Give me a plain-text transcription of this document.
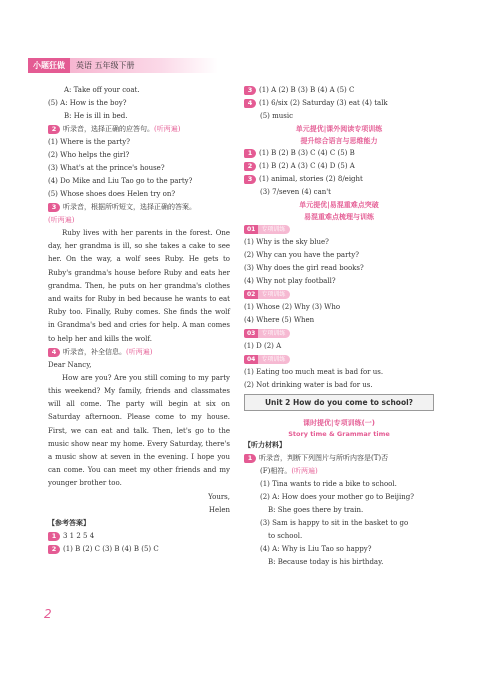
小题狂做	英语 五年级下册
A: Take off your coat.
(5) A: How is the boy?
B: He is ill in bed.
2 听录音，选择正确的应答句。(听两遍)
(1) Where is the party?
(2) Who helps the girl?
(3) What's at the prince's house?
(4) Do Mike and Liu Tao go to the party?
(5) Whose shoes does Helen try on?
3 听录音，根据所听短文，选择正确的答案。
(听两遍)
Ruby lives with her parents in the forest. One day, her grandma is ill, so she takes a cake to see her. On the way, a wolf sees Ruby. He gets to Ruby's grandma's house before Ruby and eats her grandma. Then, he puts on her grandma's clothes and waits for Ruby in bed because he wants to eat Ruby too. Finally, Ruby comes. She finds the wolf in Grandma's bed and cries for help. A man comes to help her and kills the wolf.
4 听录音，补全信息。(听两遍)
Dear Nancy,
How are you? Are you still coming to my party this weekend? My family, friends and classmates will all come. The party will begin at six on Saturday afternoon. Please come to my house. First, we can eat and talk. Then, let's go to the music show near my home. Every Saturday, there's a music show at seven in the evening. I hope you can come. You can meet my other friends and my younger brother too.
Yours,
Helen
【参考答案】
1 3 1 2 5 4
2 (1) B (2) C (3) B (4) B (5) C
3 (1) A (2) B (3) B (4) A (5) C
4 (1) 6/six (2) Saturday (3) eat (4) talk
(5) music
单元提优|课外阅读专项训练
提升综合语言与思维能力
1 (1) B (2) B (3) C (4) C (5) B
2 (1) B (2) A (3) C (4) D (5) A
3 (1) animal, stories (2) 8/eight
(3) 7/seven (4) can't
单元提优|易混重难点突破
易混重难点梳理与训练
01 专项训练
(1) Why is the sky blue?
(2) Why can you have the party?
(3) Why does the girl read books?
(4) Why not play football?
02 专项训练
(1) Whose (2) Why (3) Who
(4) Where (5) When
03 专项训练
(1) D (2) A
04 专项训练
(1) Eating too much meat is bad for us.
(2) Not drinking water is bad for us.
Unit 2 How do you come to school?
课时提优|专项训练(一)
Story time & Grammar time
【听力材料】
1 听录音，判断下列图片与所听内容是(T)否
(F)相符。(听两遍)
(1) Tina wants to ride a bike to school.
(2) A: How does your mother go to Beijing?
B: She goes there by train.
(3) Sam is happy to sit in the basket to go
to school.
(4) A: Why is Liu Tao so happy?
B: Because today is his birthday.
2
